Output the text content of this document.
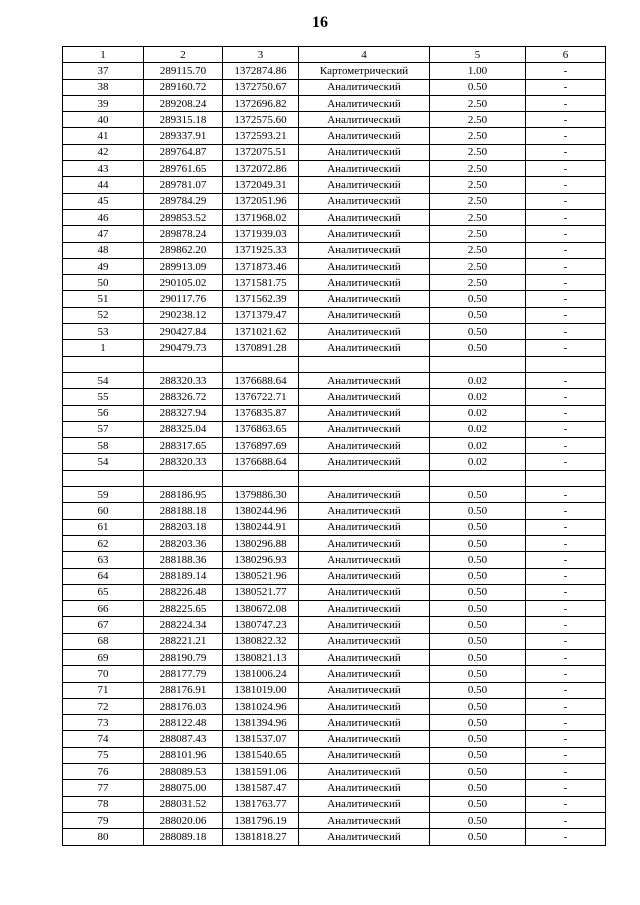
16
1	2	3	4	5	6
37	289115.70	1372874.86	Картометрический	1.00	-
38	289160.72	1372750.67	Аналитический	0.50	-
39	289208.24	1372696.82	Аналитический	2.50	-
40	289315.18	1372575.60	Аналитический	2.50	-
41	289337.91	1372593.21	Аналитический	2.50	-
42	289764.87	1372075.51	Аналитический	2.50	-
43	289761.65	1372072.86	Аналитический	2.50	-
44	289781.07	1372049.31	Аналитический	2.50	-
45	289784.29	1372051.96	Аналитический	2.50	-
46	289853.52	1371968.02	Аналитический	2.50	-
47	289878.24	1371939.03	Аналитический	2.50	-
48	289862.20	1371925.33	Аналитический	2.50	-
49	289913.09	1371873.46	Аналитический	2.50	-
50	290105.02	1371581.75	Аналитический	2.50	-
51	290117.76	1371562.39	Аналитический	0.50	-
52	290238.12	1371379.47	Аналитический	0.50	-
53	290427.84	1371021.62	Аналитический	0.50	-
1	290479.73	1370891.28	Аналитический	0.50	-

54	288320.33	1376688.64	Аналитический	0.02	-
55	288326.72	1376722.71	Аналитический	0.02	-
56	288327.94	1376835.87	Аналитический	0.02	-
57	288325.04	1376863.65	Аналитический	0.02	-
58	288317.65	1376897.69	Аналитический	0.02	-
54	288320.33	1376688.64	Аналитический	0.02	-

59	288186.95	1379886.30	Аналитический	0.50	-
60	288188.18	1380244.96	Аналитический	0.50	-
61	288203.18	1380244.91	Аналитический	0.50	-
62	288203.36	1380296.88	Аналитический	0.50	-
63	288188.36	1380296.93	Аналитический	0.50	-
64	288189.14	1380521.96	Аналитический	0.50	-
65	288226.48	1380521.77	Аналитический	0.50	-
66	288225.65	1380672.08	Аналитический	0.50	-
67	288224.34	1380747.23	Аналитический	0.50	-
68	288221.21	1380822.32	Аналитический	0.50	-
69	288190.79	1380821.13	Аналитический	0.50	-
70	288177.79	1381006.24	Аналитический	0.50	-
71	288176.91	1381019.00	Аналитический	0.50	-
72	288176.03	1381024.96	Аналитический	0.50	-
73	288122.48	1381394.96	Аналитический	0.50	-
74	288087.43	1381537.07	Аналитический	0.50	-
75	288101.96	1381540.65	Аналитический	0.50	-
76	288089.53	1381591.06	Аналитический	0.50	-
77	288075.00	1381587.47	Аналитический	0.50	-
78	288031.52	1381763.77	Аналитический	0.50	-
79	288020.06	1381796.19	Аналитический	0.50	-
80	288089.18	1381818.27	Аналитический	0.50	-
